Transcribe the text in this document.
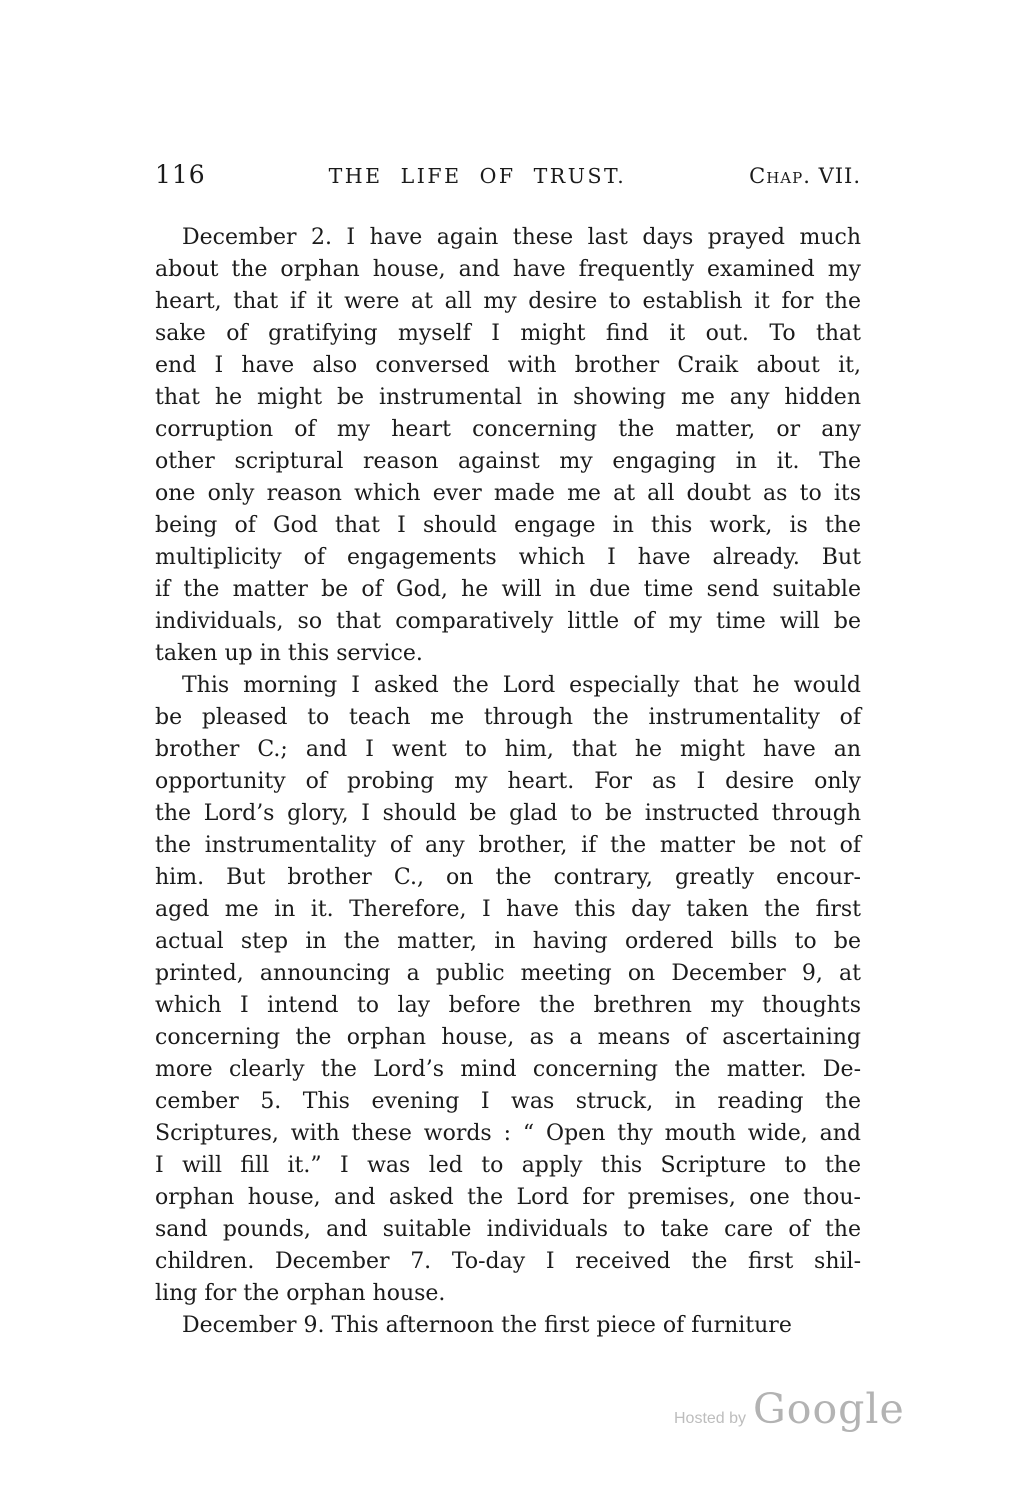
116	THE LIFE OF TRUST.	Chap. VII.
December 2. I have again these last days prayed much
about the orphan house, and have frequently examined my
heart, that if it were at all my desire to establish it for the
sake of gratifying myself I might find it out. To that
end I have also conversed with brother Craik about it,
that he might be instrumental in showing me any hidden
corruption of my heart concerning the matter, or any
other scriptural reason against my engaging in it. The
one only reason which ever made me at all doubt as to its
being of God that I should engage in this work, is the
multiplicity of engagements which I have already. But
if the matter be of God, he will in due time send suitable
individuals, so that comparatively little of my time will be
taken up in this service.
This morning I asked the Lord especially that he would
be pleased to teach me through the instrumentality of
brother C.; and I went to him, that he might have an
opportunity of probing my heart. For as I desire only
the Lord’s glory, I should be glad to be instructed through
the instrumentality of any brother, if the matter be not of
him. But brother C., on the contrary, greatly encour-
aged me in it. Therefore, I have this day taken the first
actual step in the matter, in having ordered bills to be
printed, announcing a public meeting on December 9, at
which I intend to lay before the brethren my thoughts
concerning the orphan house, as a means of ascertaining
more clearly the Lord’s mind concerning the matter. De-
cember 5. This evening I was struck, in reading the
Scriptures, with these words : “ Open thy mouth wide, and
I will fill it.” I was led to apply this Scripture to the
orphan house, and asked the Lord for premises, one thou-
sand pounds, and suitable individuals to take care of the
children. December 7. To-day I received the first shil-
ling for the orphan house.
December 9. This afternoon the first piece of furniture
Hosted by Google
